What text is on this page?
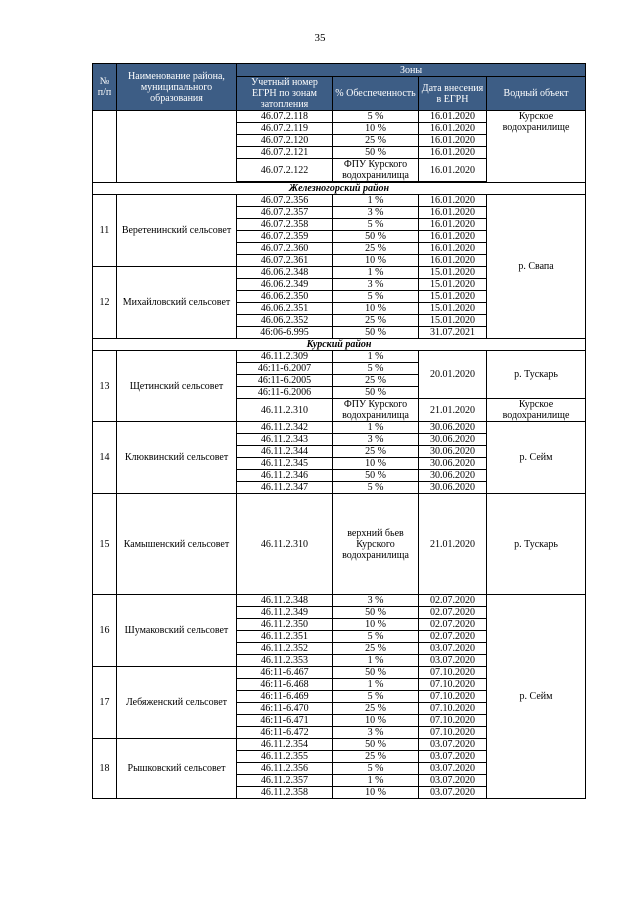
35
№ п/п	Наименование района, муниципального образования	Зоны			
		Учетный номер ЕГРН по зонам затопления	% Обеспеченность	Дата внесения в ЕГРН	Водный объект
		46.07.2.118	5 %	16.01.2020	Курское водохранилище
		46.07.2.119	10 %	16.01.2020	
		46.07.2.120	25 %	16.01.2020	
		46.07.2.121	50 %	16.01.2020	
		46.07.2.122	ФПУ Курского водохранилища	16.01.2020	

Железногорский район					
11	Веретенинский сельсовет	46.07.2.356	1 %	16.01.2020	р. Свапа
		46.07.2.357	3 %	16.01.2020	
		46.07.2.358	5 %	16.01.2020	
		46.07.2.359	50 %	16.01.2020	
		46.07.2.360	25 %	16.01.2020	
		46.07.2.361	10 %	16.01.2020	
12	Михайловский сельсовет	46.06.2.348	1 %	15.01.2020	
		46.06.2.349	3 %	15.01.2020	
		46.06.2.350	5 %	15.01.2020	
		46.06.2.351	10 %	15.01.2020	
		46.06.2.352	25 %	15.01.2020	
		46:06-6.995	50 %	31.07.2021	
Курский район					
13	Щетинский сельсовет	46.11.2.309	1 %	20.01.2020	р. Тускарь
		46:11-6.2007	5 %		
		46:11-6.2005	25 %		
		46:11-6.2006	50 %		
		46.11.2.310	ФПУ Курского водохранилища	21.01.2020	Курское водохранилище
14	Клюквинский сельсовет	46.11.2.342	1 %	30.06.2020	р. Сейм
		46.11.2.343	3 %	30.06.2020	
		46.11.2.344	25 %	30.06.2020	
		46.11.2.345	10 %	30.06.2020	
		46.11.2.346	50 %	30.06.2020	
		46.11.2.347	5 %	30.06.2020	
15	Камышенский сельсовет	46.11.2.310	верхний бьев Курского водохранилища	21.01.2020	р. Тускарь
16	Шумаковский сельсовет	46.11.2.348	3 %	02.07.2020	р. Сейм
		46.11.2.349	50 %	02.07.2020	
		46.11.2.350	10 %	02.07.2020	
		46.11.2.351	5 %	02.07.2020	
		46.11.2.352	25 %	03.07.2020	
		46.11.2.353	1 %	03.07.2020	
17	Лебяженский сельсовет	46:11-6.467	50 %	07.10.2020	
		46:11-6.468	1 %	07.10.2020	
		46:11-6.469	5 %	07.10.2020	
		46:11-6.470	25 %	07.10.2020	
		46:11-6.471	10 %	07.10.2020	
		46:11-6.472	3 %	07.10.2020	
18	Рышковский сельсовет	46.11.2.354	50 %	03.07.2020	
		46.11.2.355	25 %	03.07.2020	
		46.11.2.356	5 %	03.07.2020	
		46.11.2.357	1 %	03.07.2020	
		46.11.2.358	10 %	03.07.2020	
